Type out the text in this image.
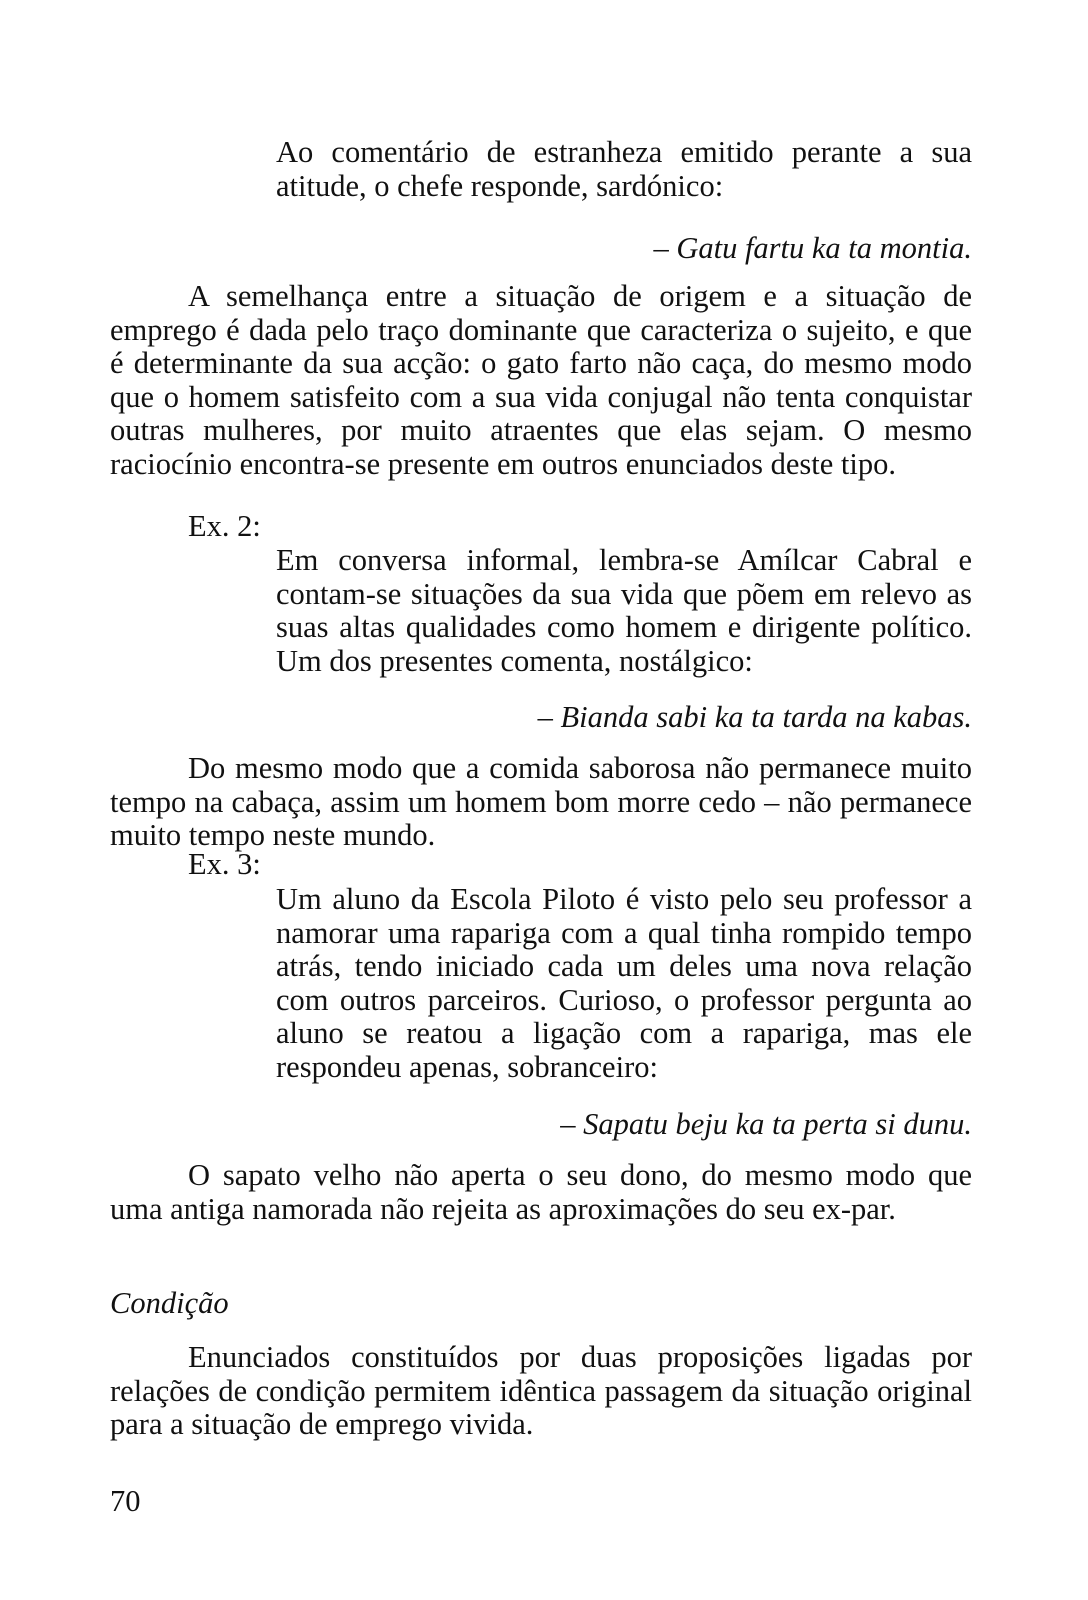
Ao comentário de estranheza emitido perante a sua atitude, o chefe responde, sardónico:

– Gatu fartu ka ta montia.

A semelhança entre a situação de origem e a situação de emprego é dada pelo traço dominante que caracteriza o sujeito, e que é determinante da sua acção: o gato farto não caça, do mesmo modo que o homem satisfeito com a sua vida conjugal não tenta conquistar outras mulheres, por muito atraentes que elas sejam. O mesmo raciocínio encontra-se presente em outros enunciados deste tipo.

Ex. 2:

Em conversa informal, lembra-se Amílcar Cabral e contam-se situações da sua vida que põem em relevo as suas altas qualidades como homem e dirigente político. Um dos presentes comenta, nostálgico:

– Bianda sabi ka ta tarda na kabas.

Do mesmo modo que a comida saborosa não permanece muito tempo na cabaça, assim um homem bom morre cedo – não permanece muito tempo neste mundo.

Ex. 3:

Um aluno da Escola Piloto é visto pelo seu professor a namorar uma rapariga com a qual tinha rompido tempo atrás, tendo iniciado cada um deles uma nova relação com outros parceiros. Curioso, o professor pergunta ao aluno se reatou a ligação com a rapariga, mas ele respondeu apenas, sobranceiro:

– Sapatu beju ka ta perta si dunu.

O sapato velho não aperta o seu dono, do mesmo modo que uma antiga namorada não rejeita as aproximações do seu ex-par.

Condição

Enunciados constituídos por duas proposições ligadas por relações de condição permitem idêntica passagem da situação original para a situação de emprego vivida.

70
